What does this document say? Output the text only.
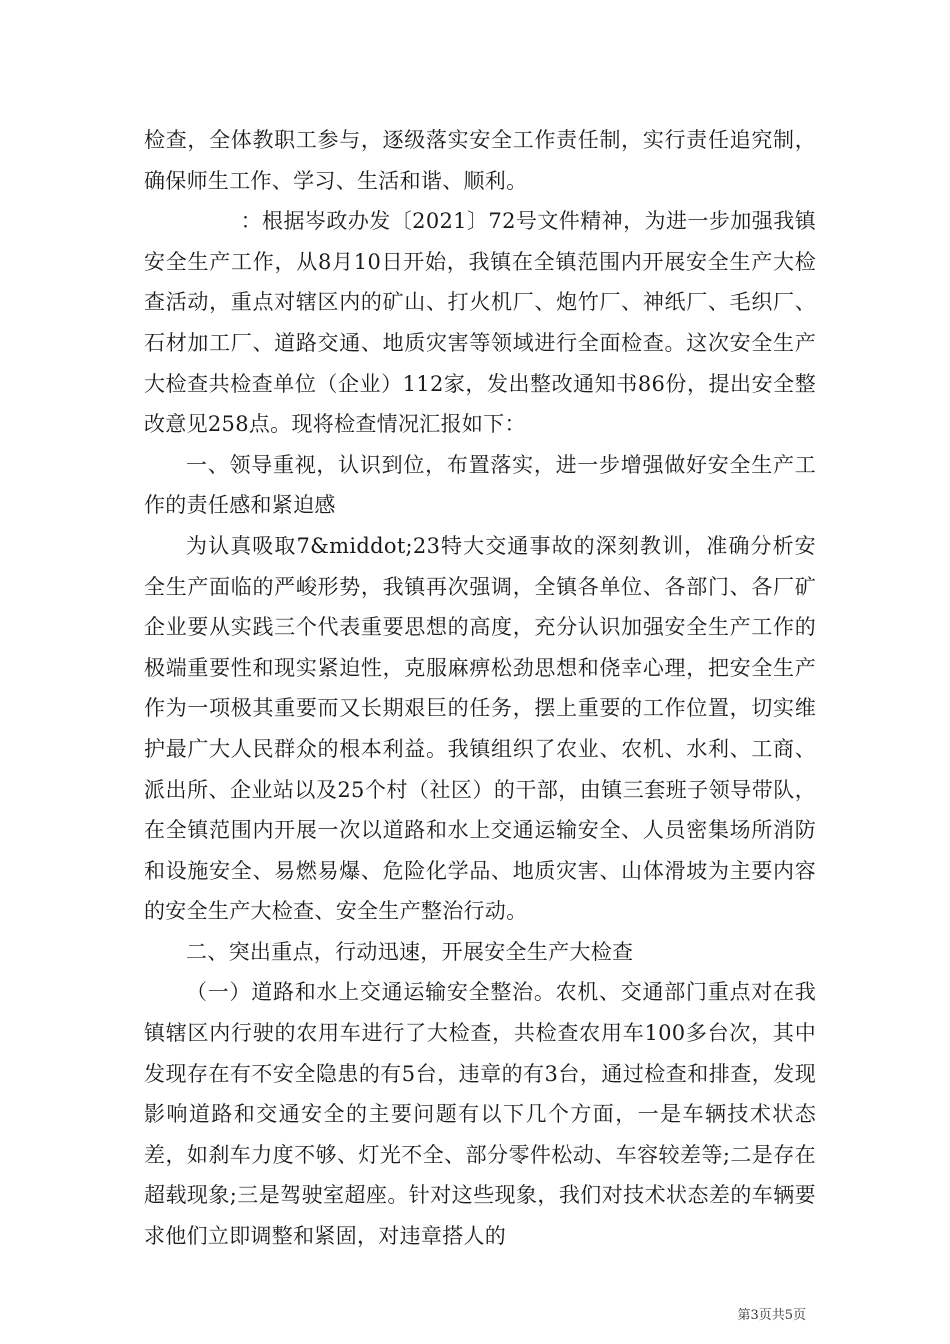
检查，全体教职工参与，逐级落实安全工作责任制，实行责任追究制，确保师生工作、学习、生活和谐、顺利。

：根据岑政办发〔2021〕72号文件精神，为进一步加强我镇安全生产工作，从8月10日开始，我镇在全镇范围内开展安全生产大检查活动，重点对辖区内的矿山、打火机厂、炮竹厂、神纸厂、毛织厂、石材加工厂、道路交通、地质灾害等领域进行全面检查。这次安全生产大检查共检查单位（企业）112家，发出整改通知书86份，提出安全整改意见258点。现将检查情况汇报如下：

一、领导重视，认识到位，布置落实，进一步增强做好安全生产工作的责任感和紧迫感

为认真吸取7&middot;23特大交通事故的深刻教训，准确分析安全生产面临的严峻形势，我镇再次强调，全镇各单位、各部门、各厂矿企业要从实践三个代表重要思想的高度，充分认识加强安全生产工作的极端重要性和现实紧迫性，克服麻痹松劲思想和侥幸心理，把安全生产作为一项极其重要而又长期艰巨的任务，摆上重要的工作位置，切实维护最广大人民群众的根本利益。我镇组织了农业、农机、水利、工商、派出所、企业站以及25个村（社区）的干部，由镇三套班子领导带队，在全镇范围内开展一次以道路和水上交通运输安全、人员密集场所消防和设施安全、易燃易爆、危险化学品、地质灾害、山体滑坡为主要内容的安全生产大检查、安全生产整治行动。

二、突出重点，行动迅速，开展安全生产大检查

（一）道路和水上交通运输安全整治。农机、交通部门重点对在我镇辖区内行驶的农用车进行了大检查，共检查农用车100多台次，其中发现存在有不安全隐患的有5台，违章的有3台，通过检查和排查，发现影响道路和交通安全的主要问题有以下几个方面，一是车辆技术状态差，如刹车力度不够、灯光不全、部分零件松动、车容较差等;二是存在超载现象;三是驾驶室超座。针对这些现象，我们对技术状态差的车辆要求他们立即调整和紧固，对违章搭人的

第3页共5页
